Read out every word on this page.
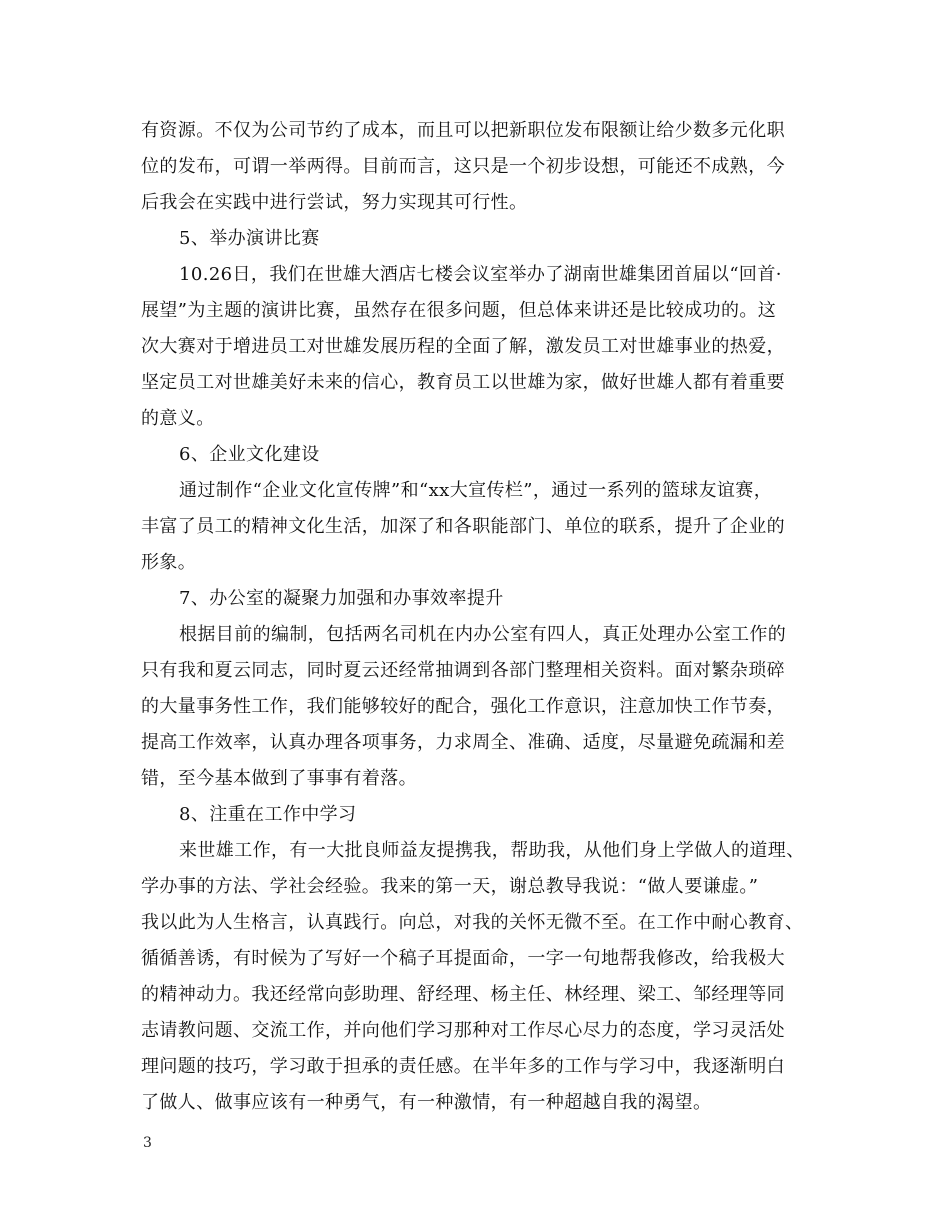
有资源。不仅为公司节约了成本，而且可以把新职位发布限额让给少数多元化职
位的发布，可谓一举两得。目前而言，这只是一个初步设想，可能还不成熟，今
后我会在实践中进行尝试，努力实现其可行性。
5、举办演讲比赛
10.26日，我们在世雄大酒店七楼会议室举办了湖南世雄集团首届以“回首·
展望”为主题的演讲比赛，虽然存在很多问题，但总体来讲还是比较成功的。这
次大赛对于增进员工对世雄发展历程的全面了解，激发员工对世雄事业的热爱，
坚定员工对世雄美好未来的信心，教育员工以世雄为家，做好世雄人都有着重要
的意义。
6、企业文化建设
通过制作“企业文化宣传牌”和“xx大宣传栏”，通过一系列的篮球友谊赛，
丰富了员工的精神文化生活，加深了和各职能部门、单位的联系，提升了企业的
形象。
7、办公室的凝聚力加强和办事效率提升
根据目前的编制，包括两名司机在内办公室有四人，真正处理办公室工作的
只有我和夏云同志，同时夏云还经常抽调到各部门整理相关资料。面对繁杂琐碎
的大量事务性工作，我们能够较好的配合，强化工作意识，注意加快工作节奏，
提高工作效率，认真办理各项事务，力求周全、准确、适度，尽量避免疏漏和差
错，至今基本做到了事事有着落。
8、注重在工作中学习
来世雄工作，有一大批良师益友提携我，帮助我，从他们身上学做人的道理、
学办事的方法、学社会经验。我来的第一天，谢总教导我说：“做人要谦虚。”
我以此为人生格言，认真践行。向总，对我的关怀无微不至。在工作中耐心教育、
循循善诱，有时候为了写好一个稿子耳提面命，一字一句地帮我修改，给我极大
的精神动力。我还经常向彭助理、舒经理、杨主任、林经理、梁工、邹经理等同
志请教问题、交流工作，并向他们学习那种对工作尽心尽力的态度，学习灵活处
理问题的技巧，学习敢于担承的责任感。在半年多的工作与学习中，我逐渐明白
了做人、做事应该有一种勇气，有一种激情，有一种超越自我的渴望。
3
